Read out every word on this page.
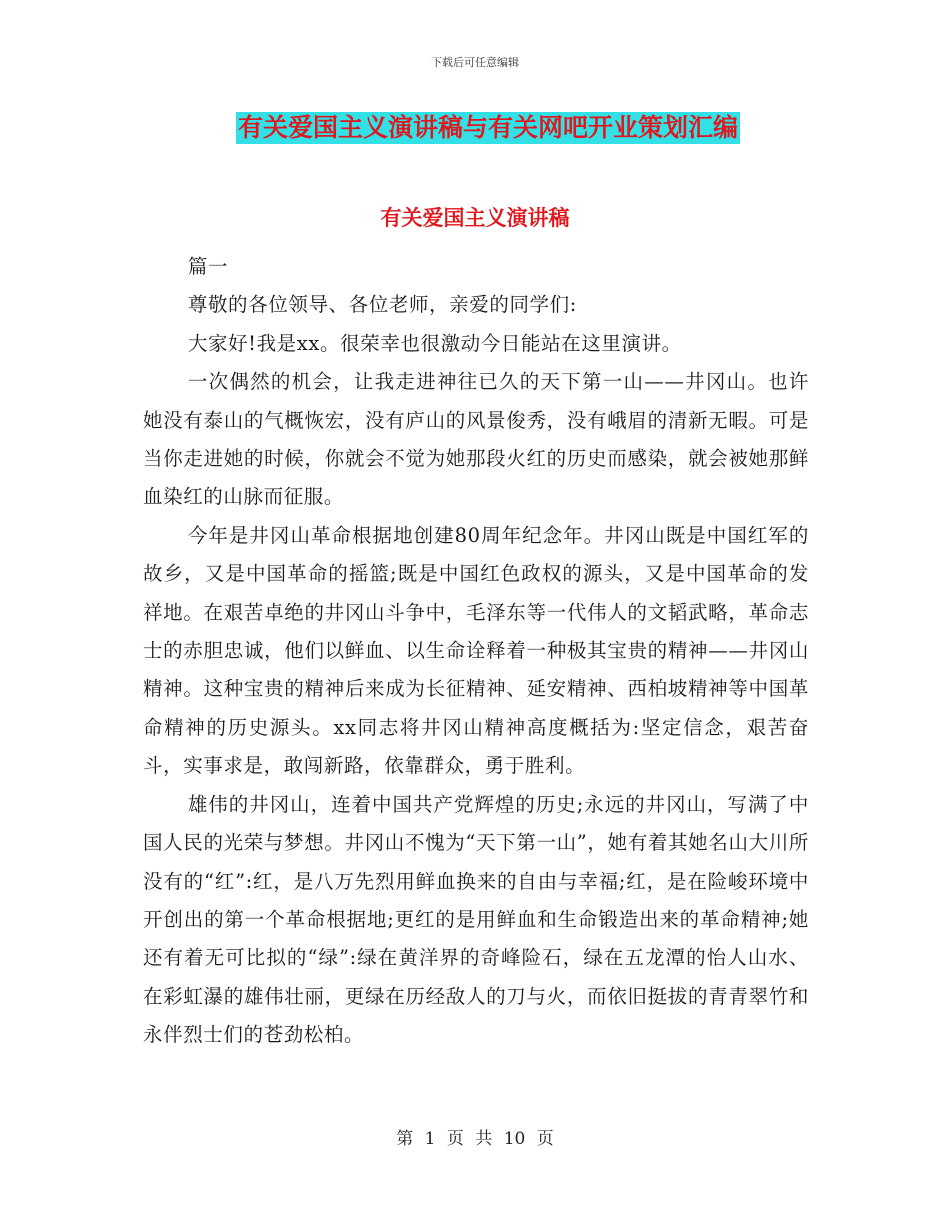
下载后可任意编辑
有关爱国主义演讲稿与有关网吧开业策划汇编
有关爱国主义演讲稿

篇一

尊敬的各位领导、各位老师，亲爱的同学们:

大家好!我是xx。很荣幸也很激动今日能站在这里演讲。

一次偶然的机会，让我走进神往已久的天下第一山——井冈山。也许她没有泰山的气概恢宏，没有庐山的风景俊秀，没有峨眉的清新无暇。可是当你走进她的时候，你就会不觉为她那段火红的历史而感染，就会被她那鲜血染红的山脉而征服。

今年是井冈山革命根据地创建80周年纪念年。井冈山既是中国红军的故乡，又是中国革命的摇篮;既是中国红色政权的源头，又是中国革命的发祥地。在艰苦卓绝的井冈山斗争中，毛泽东等一代伟人的文韬武略，革命志士的赤胆忠诚，他们以鲜血、以生命诠释着一种极其宝贵的精神——井冈山精神。这种宝贵的精神后来成为长征精神、延安精神、西柏坡精神等中国革命精神的历史源头。xx同志将井冈山精神高度概括为:坚定信念，艰苦奋斗，实事求是，敢闯新路，依靠群众，勇于胜利。

雄伟的井冈山，连着中国共产党辉煌的历史;永远的井冈山，写满了中国人民的光荣与梦想。井冈山不愧为“天下第一山”，她有着其她名山大川所没有的“红”:红，是八万先烈用鲜血换来的自由与幸福;红，是在险峻环境中开创出的第一个革命根据地;更红的是用鲜血和生命锻造出来的革命精神;她还有着无可比拟的“绿”:绿在黄洋界的奇峰险石，绿在五龙潭的怡人山水、在彩虹瀑的雄伟壮丽，更绿在历经敌人的刀与火，而依旧挺拔的青青翠竹和永伴烈士们的苍劲松柏。

第 1 页 共 10 页
